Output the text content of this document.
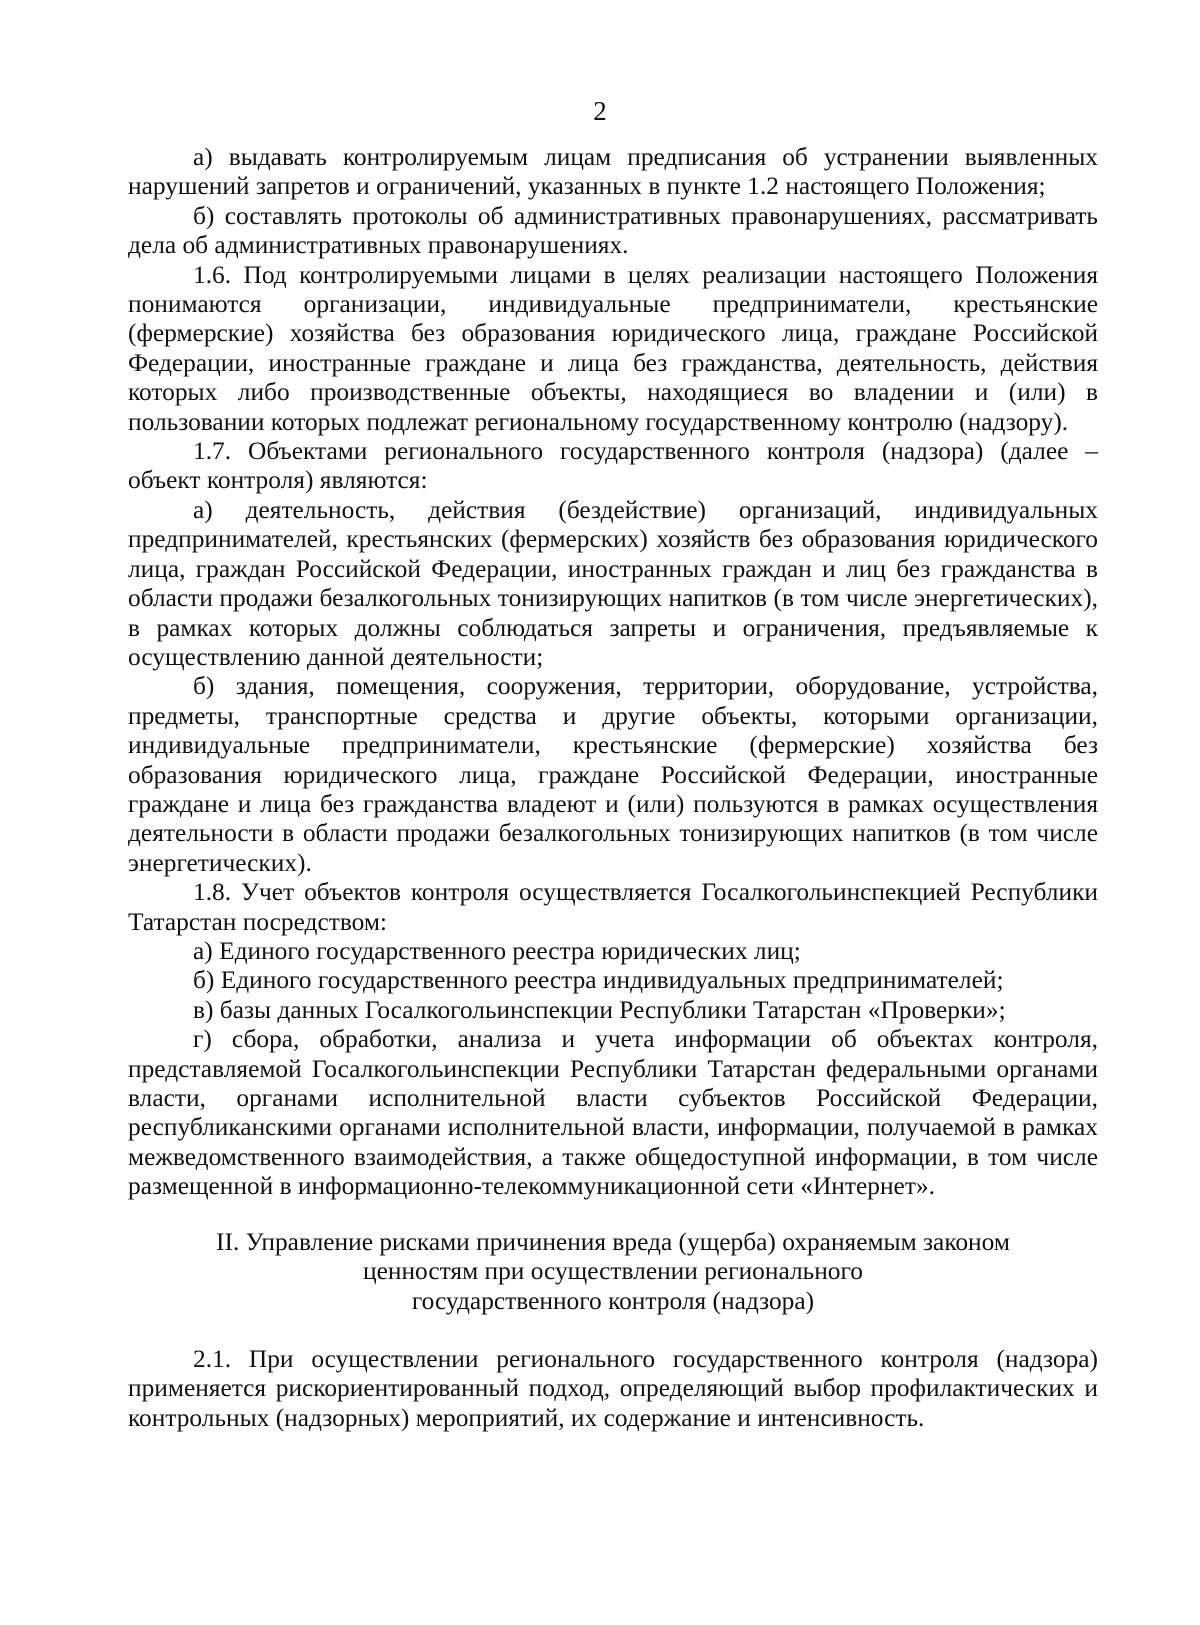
2

а) выдавать контролируемым лицам предписания об устранении выявленных нарушений запретов и ограничений, указанных в пункте 1.2 настоящего Положения;

б) составлять протоколы об административных правонарушениях, рассматривать дела об административных правонарушениях.

1.6. Под контролируемыми лицами в целях реализации настоящего Положения понимаются организации, индивидуальные предприниматели, крестьянские (фермерские) хозяйства без образования юридического лица, граждане Российской Федерации, иностранные граждане и лица без гражданства, деятельность, действия которых либо производственные объекты, находящиеся во владении и (или) в пользовании которых подлежат региональному государственному контролю (надзору).

1.7. Объектами регионального государственного контроля (надзора) (далее – объект контроля) являются:

а) деятельность, действия (бездействие) организаций, индивидуальных предпринимателей, крестьянских (фермерских) хозяйств без образования юридического лица, граждан Российской Федерации, иностранных граждан и лиц без гражданства в области продажи безалкогольных тонизирующих напитков (в том числе энергетических), в рамках которых должны соблюдаться запреты и ограничения, предъявляемые к осуществлению данной деятельности;

б) здания, помещения, сооружения, территории, оборудование, устройства, предметы, транспортные средства и другие объекты, которыми организации, индивидуальные предприниматели, крестьянские (фермерские) хозяйства без образования юридического лица, граждане Российской Федерации, иностранные граждане и лица без гражданства владеют и (или) пользуются в рамках осуществления деятельности в области продажи безалкогольных тонизирующих напитков (в том числе энергетических).

1.8. Учет объектов контроля осуществляется Госалкогольинспекцией Республики Татарстан посредством:

а) Единого государственного реестра юридических лиц;

б) Единого государственного реестра индивидуальных предпринимателей;

в) базы данных Госалкогольинспекции Республики Татарстан «Проверки»;

г) сбора, обработки, анализа и учета информации об объектах контроля, представляемой Госалкогольинспекции Республики Татарстан федеральными органами власти, органами исполнительной власти субъектов Российской Федерации, республиканскими органами исполнительной власти, информации, получаемой в рамках межведомственного взаимодействия, а также общедоступной информации, в том числе размещенной в информационно-телекоммуникационной сети «Интернет».

II. Управление рисками причинения вреда (ущерба) охраняемым законом
ценностям при осуществлении регионального
государственного контроля (надзора)

2.1. При осуществлении регионального государственного контроля (надзора) применяется рискориентированный подход, определяющий выбор профилактических и контрольных (надзорных) мероприятий, их содержание и интенсивность.
